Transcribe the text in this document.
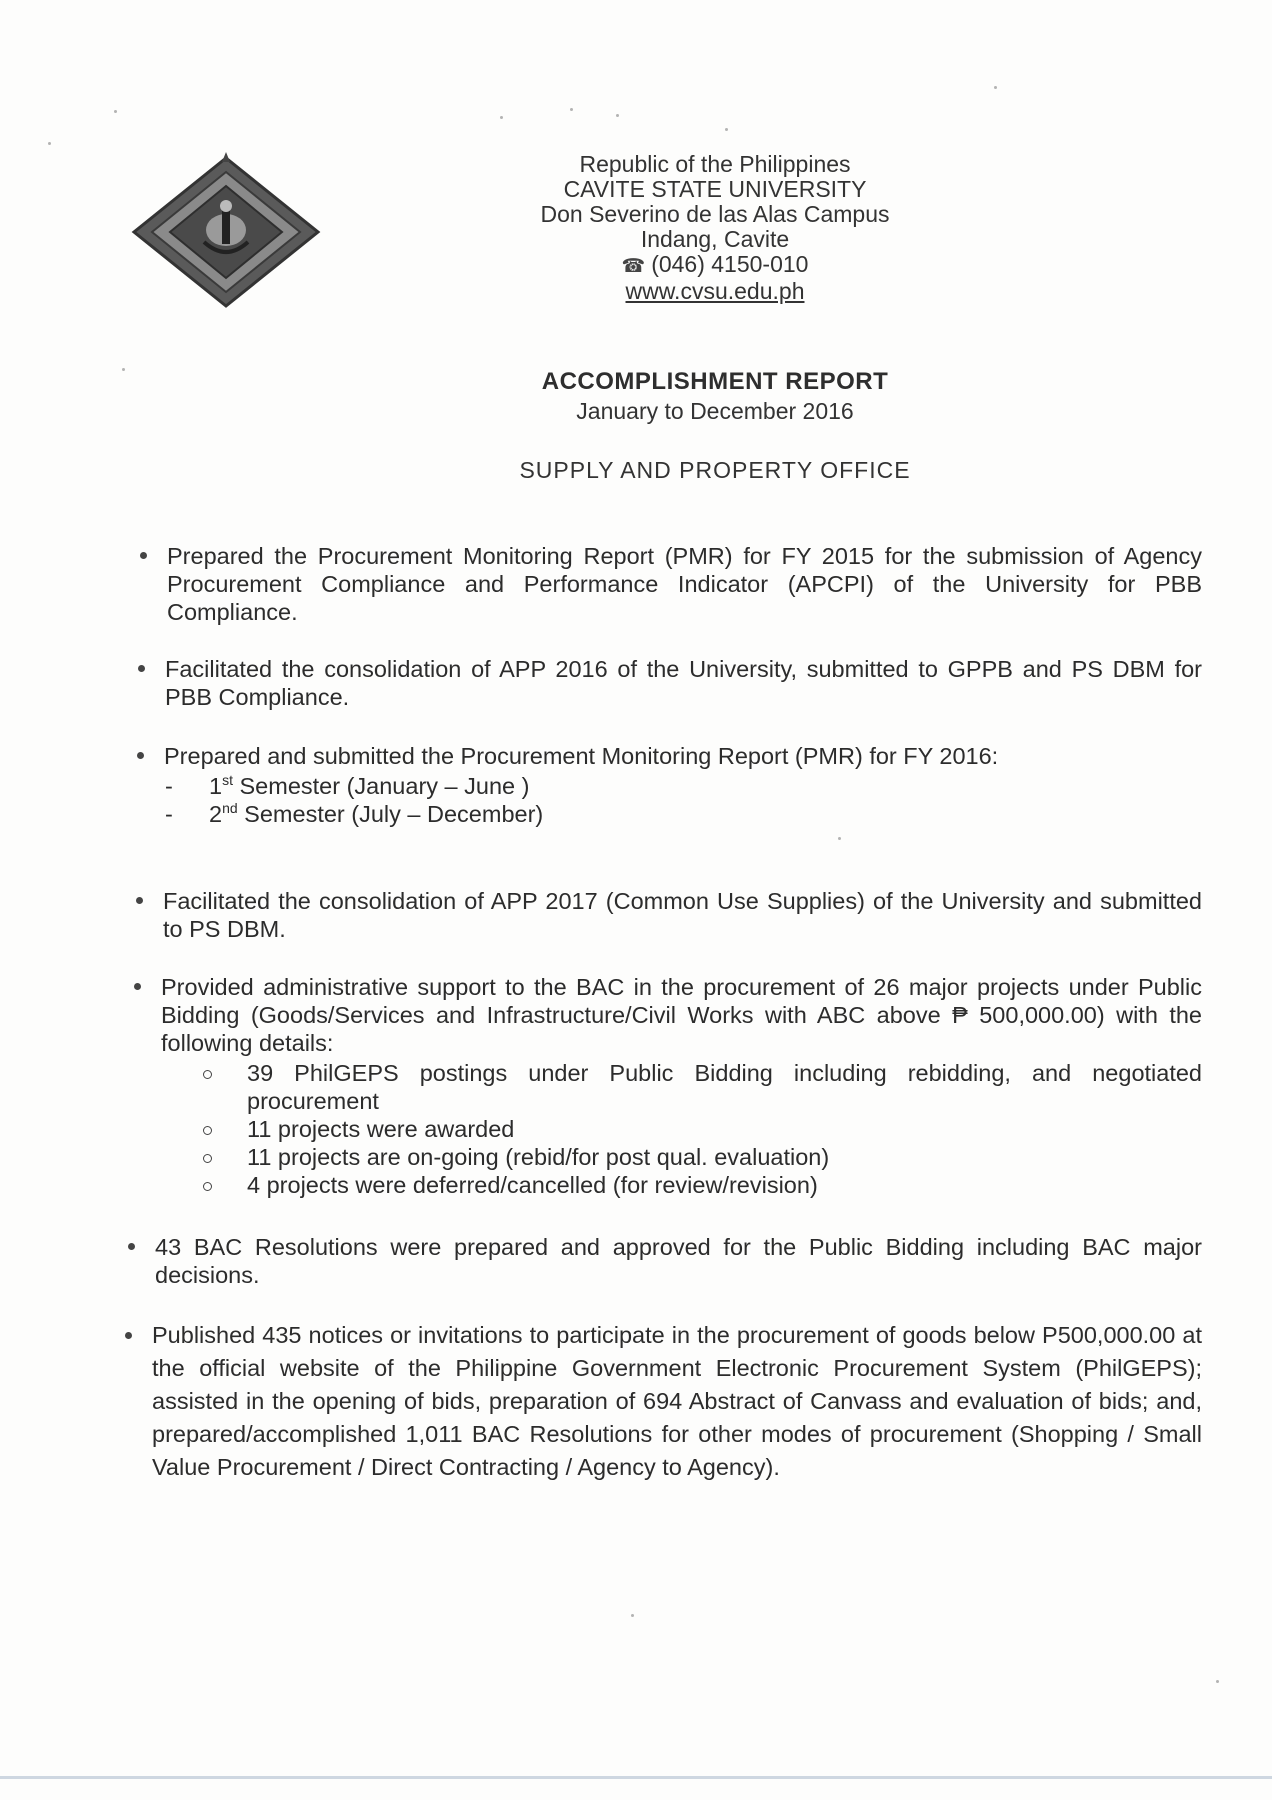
Republic of the Philippines
CAVITE STATE UNIVERSITY
Don Severino de las Alas Campus
Indang, Cavite
☎ (046) 4150-010
www.cvsu.edu.ph
ACCOMPLISHMENT REPORT
January to December 2016
SUPPLY AND PROPERTY OFFICE
Prepared the Procurement Monitoring Report (PMR) for FY 2015 for the submission of Agency Procurement Compliance and Performance Indicator (APCPI) of the University for PBB Compliance.
Facilitated the consolidation of APP 2016 of the University, submitted to GPPB and PS DBM for PBB Compliance.
Prepared and submitted the Procurement Monitoring Report (PMR) for FY 2016:
-	1st Semester (January – June )
-	2nd Semester (July – December)
Facilitated the consolidation of APP 2017 (Common Use Supplies) of the University and submitted to PS DBM.
Provided administrative support to the BAC in the procurement of 26 major projects under Public Bidding (Goods/Services and Infrastructure/Civil Works with ABC above ₱ 500,000.00) with the following details:
39 PhilGEPS postings under Public Bidding including rebidding, and negotiated procurement
11 projects were awarded
11 projects are on-going (rebid/for post qual. evaluation)
4 projects were deferred/cancelled (for review/revision)
43 BAC Resolutions were prepared and approved for the Public Bidding including BAC major decisions.
Published 435 notices or invitations to participate in the procurement of goods below P500,000.00 at the official website of the Philippine Government Electronic Procurement System (PhilGEPS); assisted in the opening of bids, preparation of 694 Abstract of Canvass and evaluation of bids; and, prepared/accomplished 1,011 BAC Resolutions for other modes of procurement (Shopping / Small Value Procurement / Direct Contracting / Agency to Agency).
